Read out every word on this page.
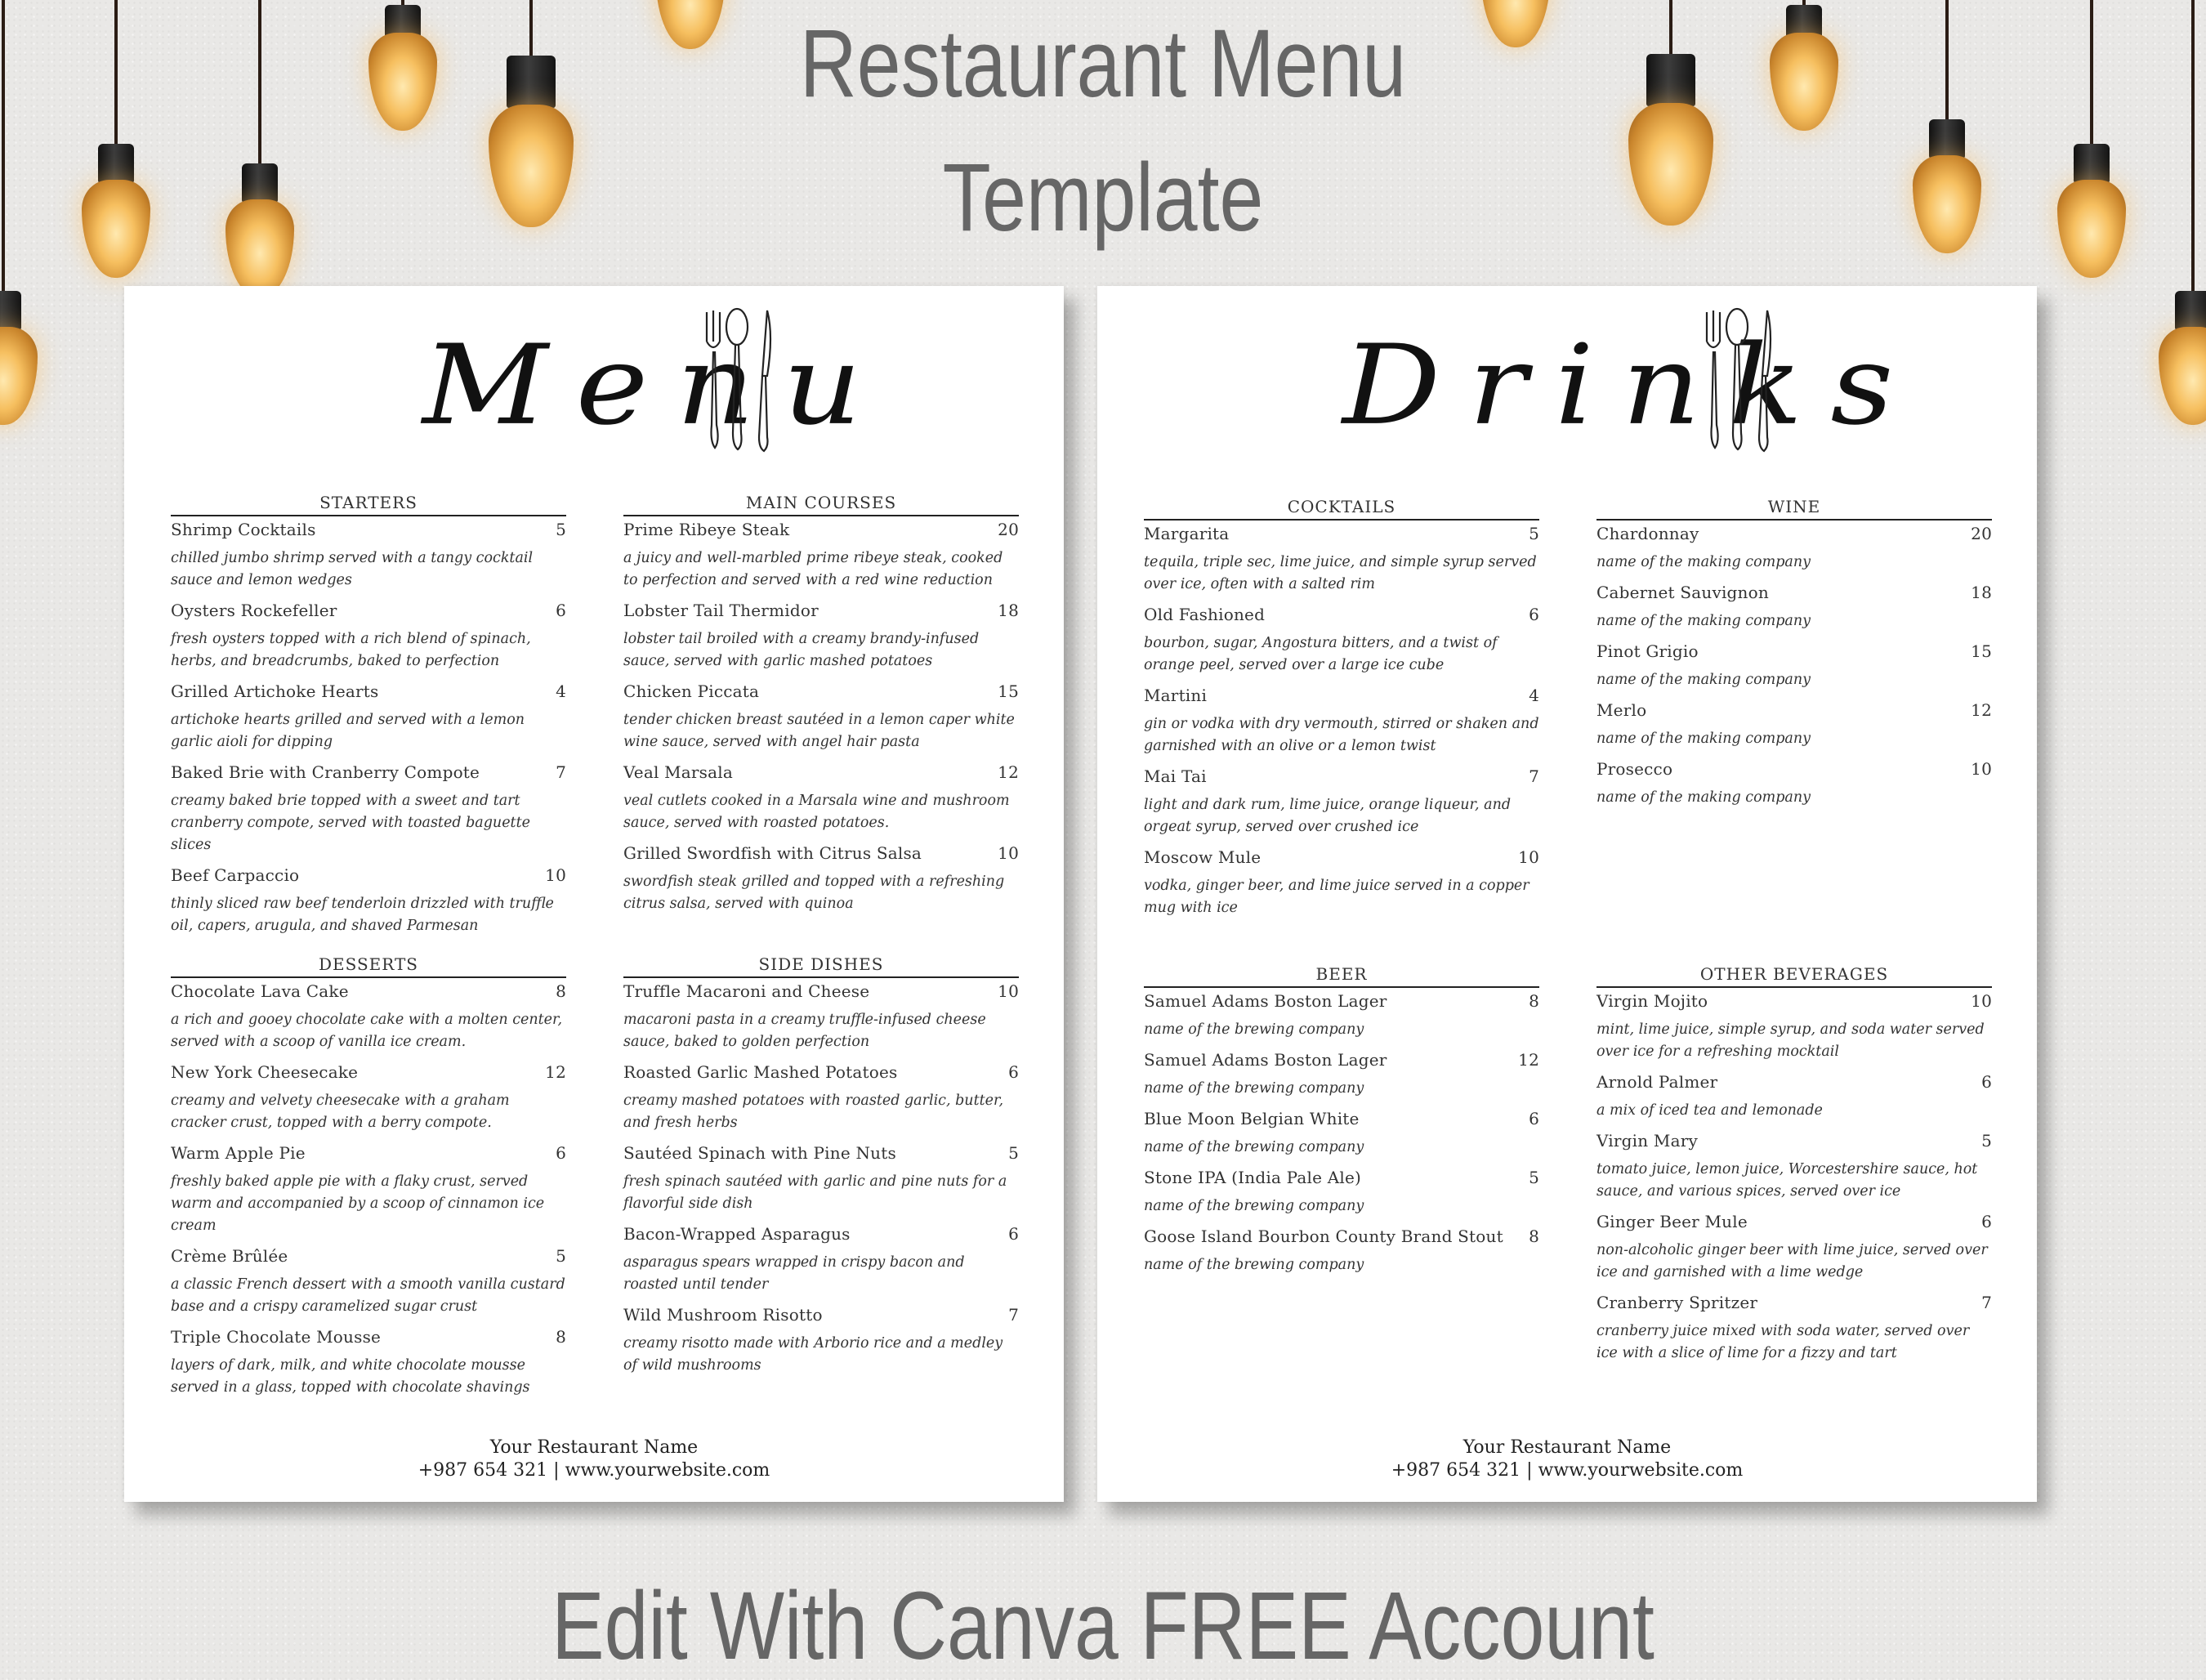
Restaurant Menu
Template
Menu
STARTERS
Shrimp Cocktails	5
chilled jumbo shrimp served with a tangy cocktail sauce and lemon wedges
Oysters Rockefeller	6
fresh oysters topped with a rich blend of spinach, herbs, and breadcrumbs, baked to perfection
Grilled Artichoke Hearts	4
artichoke hearts grilled and served with a lemon garlic aioli for dipping
Baked Brie with Cranberry Compote	7
creamy baked brie topped with a sweet and tart cranberry compote, served with toasted baguette slices
Beef Carpaccio	10
thinly sliced raw beef tenderloin drizzled with truffle oil, capers, arugula, and shaved Parmesan
MAIN COURSES
Prime Ribeye Steak	20
a juicy and well-marbled prime ribeye steak, cooked to perfection and served with a red wine reduction
Lobster Tail Thermidor	18
lobster tail broiled with a creamy brandy-infused sauce, served with garlic mashed potatoes
Chicken Piccata	15
tender chicken breast sautéed in a lemon caper white wine sauce, served with angel hair pasta
Veal Marsala	12
veal cutlets cooked in a Marsala wine and mushroom sauce, served with roasted potatoes.
Grilled Swordfish with Citrus Salsa	10
swordfish steak grilled and topped with a refreshing citrus salsa, served with quinoa
DESSERTS
Chocolate Lava Cake	8
a rich and gooey chocolate cake with a molten center, served with a scoop of vanilla ice cream.
New York Cheesecake	12
creamy and velvety cheesecake with a graham cracker crust, topped with a berry compote.
Warm Apple Pie	6
freshly baked apple pie with a flaky crust, served warm and accompanied by a scoop of cinnamon ice cream
Crème Brûlée	5
a classic French dessert with a smooth vanilla custard base and a crispy caramelized sugar crust
Triple Chocolate Mousse	8
layers of dark, milk, and white chocolate mousse served in a glass, topped with chocolate shavings
SIDE DISHES
Truffle Macaroni and Cheese	10
macaroni pasta in a creamy truffle-infused cheese sauce, baked to golden perfection
Roasted Garlic Mashed Potatoes	6
creamy mashed potatoes with roasted garlic, butter, and fresh herbs
Sautéed Spinach with Pine Nuts	5
fresh spinach sautéed with garlic and pine nuts for a flavorful side dish
Bacon-Wrapped Asparagus	6
asparagus spears wrapped in crispy bacon and roasted until tender
Wild Mushroom Risotto	7
creamy risotto made with Arborio rice and a medley of wild mushrooms
Your Restaurant Name
+987 654 321 | www.yourwebsite.com
Drinks
COCKTAILS
Margarita	5
tequila, triple sec, lime juice, and simple syrup served over ice, often with a salted rim
Old Fashioned	6
bourbon, sugar, Angostura bitters, and a twist of orange peel, served over a large ice cube
Martini	4
gin or vodka with dry vermouth, stirred or shaken and garnished with an olive or a lemon twist
Mai Tai	7
light and dark rum, lime juice, orange liqueur, and orgeat syrup, served over crushed ice
Moscow Mule	10
vodka, ginger beer, and lime juice served in a copper mug with ice
WINE
Chardonnay	20
name of the making company
Cabernet Sauvignon	18
name of the making company
Pinot Grigio	15
name of the making company
Merlo	12
name of the making company
Prosecco	10
name of the making company
BEER
Samuel Adams Boston Lager	8
name of the brewing company
Samuel Adams Boston Lager	12
name of the brewing company
Blue Moon Belgian White	6
name of the brewing company
Stone IPA (India Pale Ale)	5
name of the brewing company
Goose Island Bourbon County Brand Stout	8
name of the brewing company
OTHER BEVERAGES
Virgin Mojito	10
mint, lime juice, simple syrup, and soda water served over ice for a refreshing mocktail
Arnold Palmer	6
a mix of iced tea and lemonade
Virgin Mary	5
tomato juice, lemon juice, Worcestershire sauce, hot sauce, and various spices, served over ice
Ginger Beer Mule	6
non-alcoholic ginger beer with lime juice, served over ice and garnished with a lime wedge
Cranberry Spritzer	7
cranberry juice mixed with soda water, served over ice with a slice of lime for a fizzy and tart
Your Restaurant Name
+987 654 321 | www.yourwebsite.com
Edit With Canva FREE Account
